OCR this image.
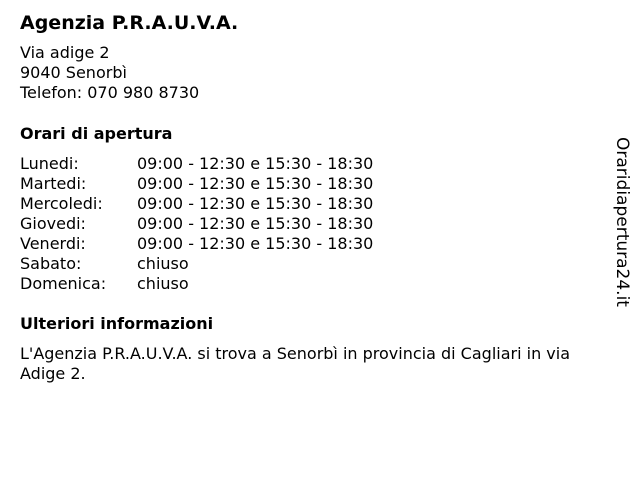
Agenzia P.R.A.U.V.A.
Via adige 2
9040 Senorbì
Telefon: 070 980 8730
Orari di apertura
Lunedi:	09:00 - 12:30 e 15:30 - 18:30
Martedi:	09:00 - 12:30 e 15:30 - 18:30
Mercoledi:	09:00 - 12:30 e 15:30 - 18:30
Giovedi:	09:00 - 12:30 e 15:30 - 18:30
Venerdi:	09:00 - 12:30 e 15:30 - 18:30
Sabato:	chiuso
Domenica:	chiuso
Ulteriori informazioni
L'Agenzia P.R.A.U.V.A. si trova a Senorbì in provincia di Cagliari in via Adige 2.
Oraridiapertura24.it
